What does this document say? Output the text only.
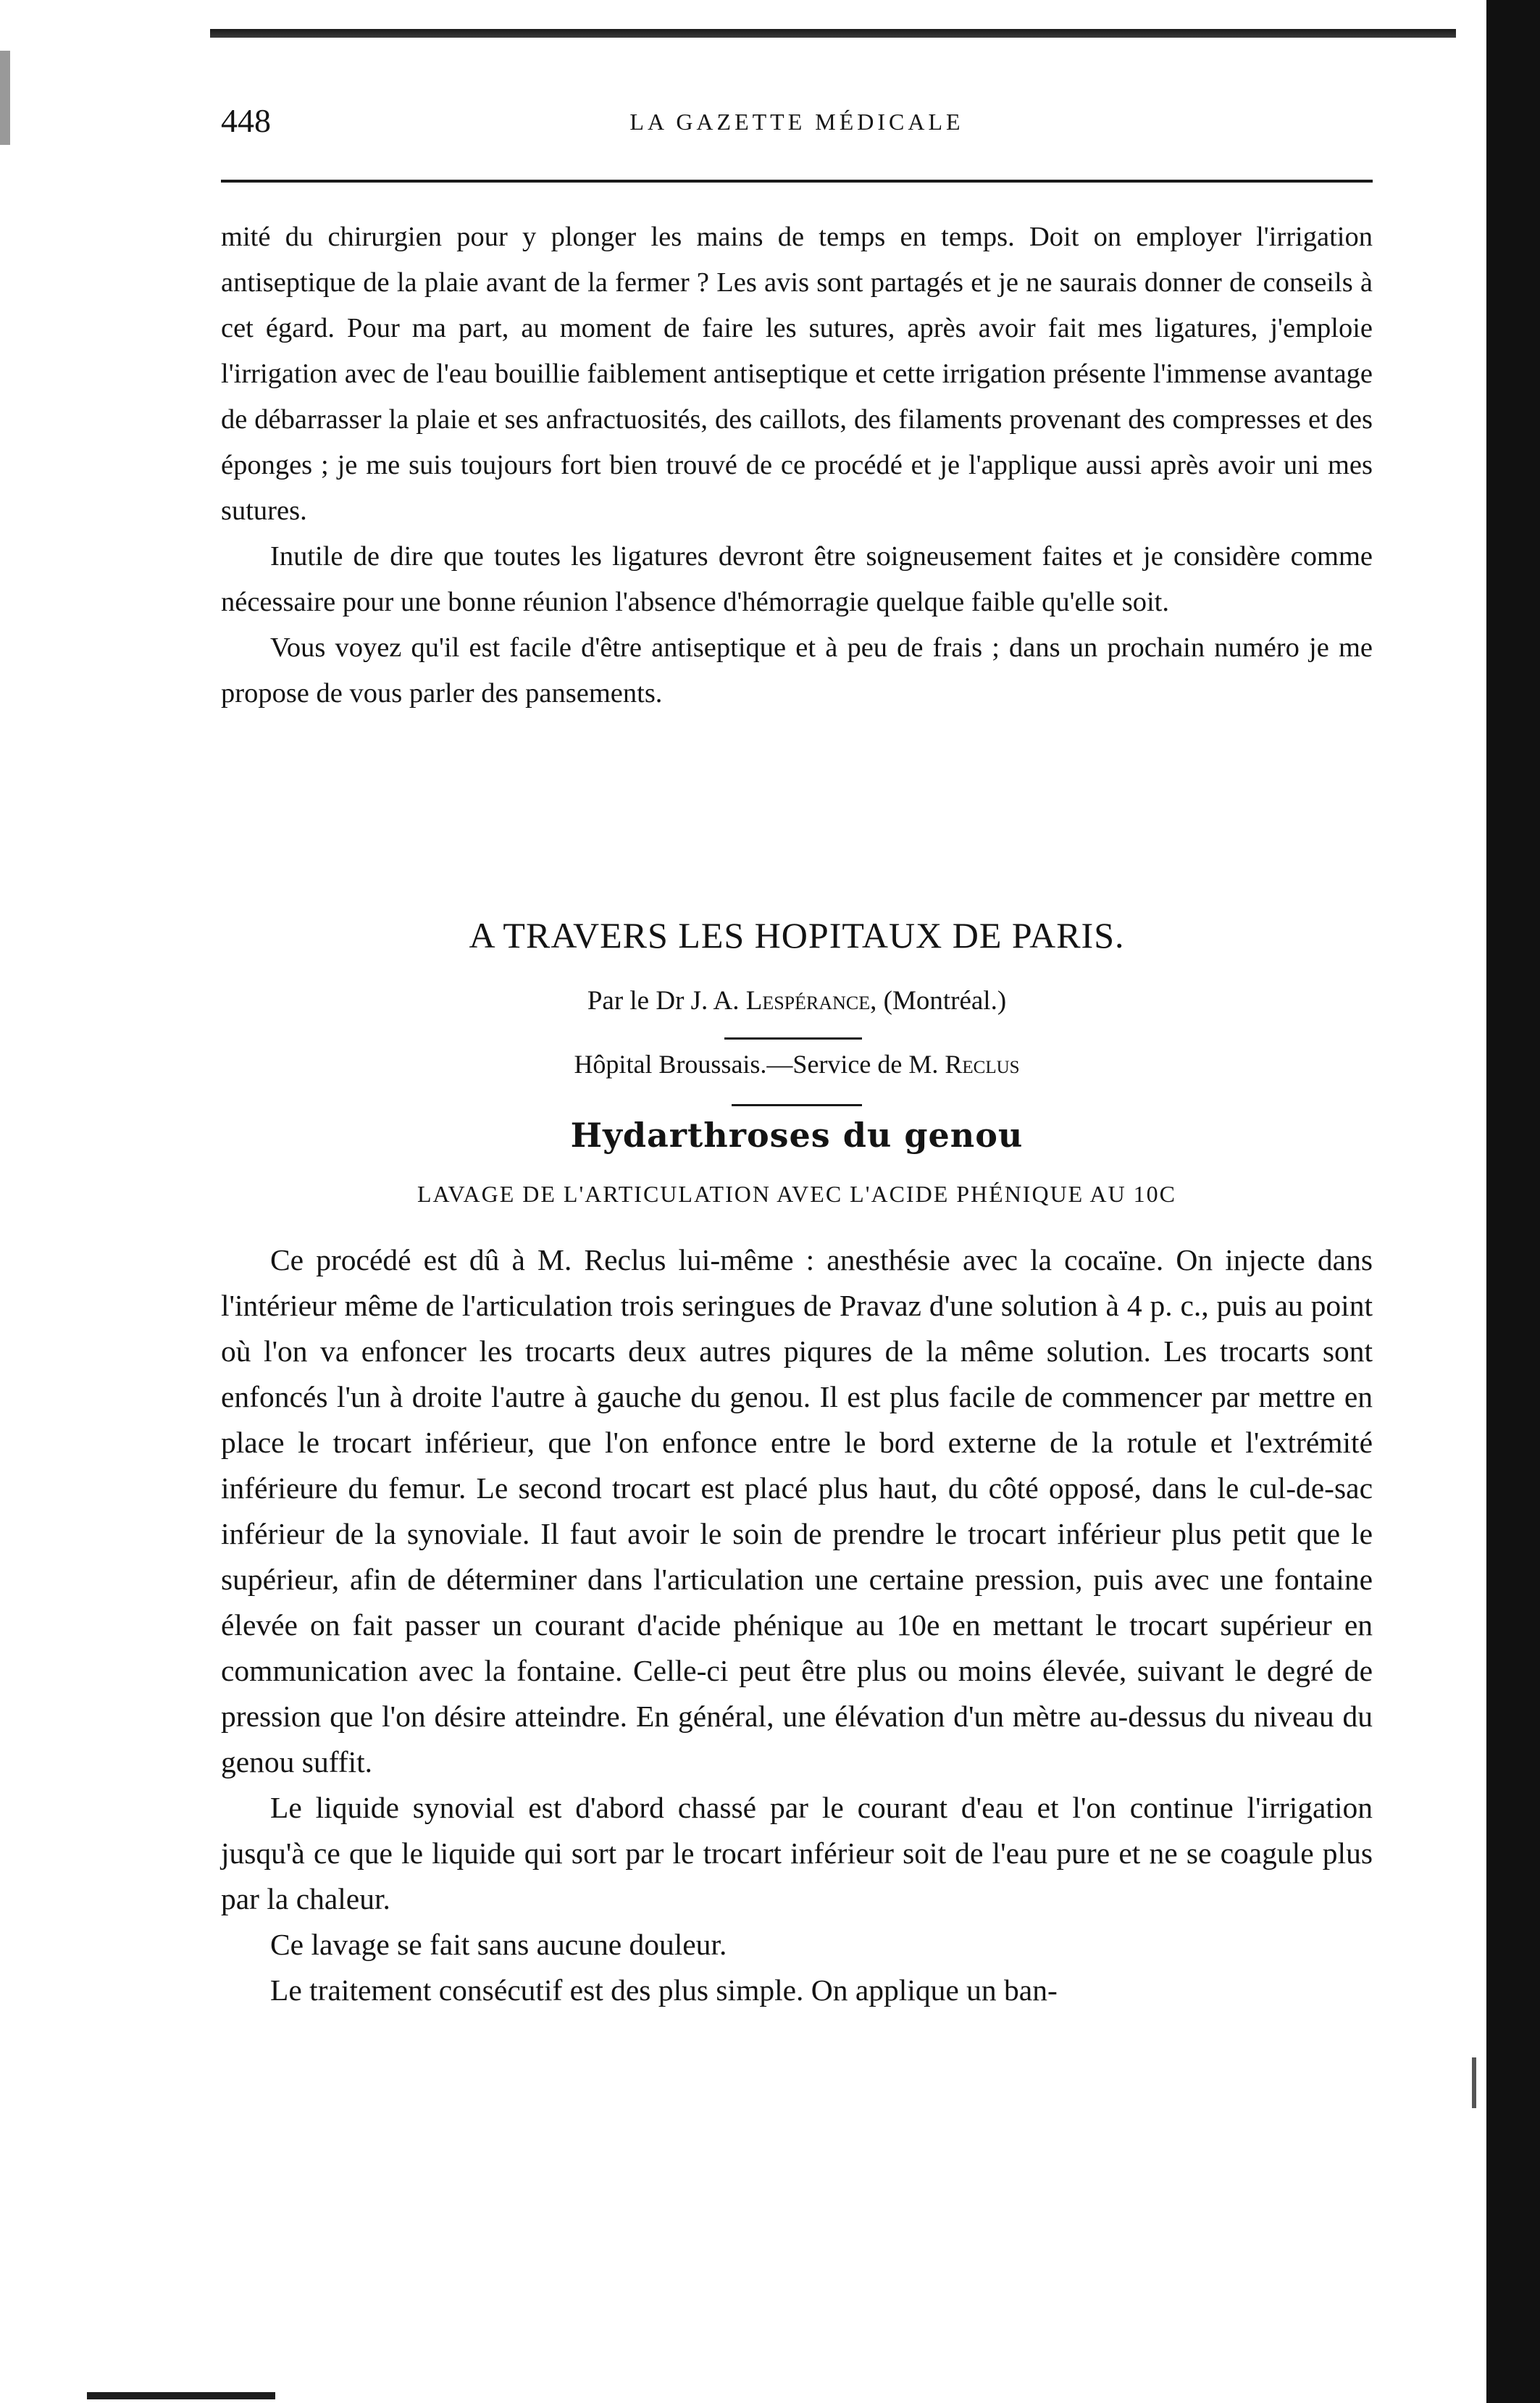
448	LA GAZETTE MÉDICALE

mité du chirurgien pour y plonger les mains de temps en temps. Doit on employer l'irrigation antiseptique de la plaie avant de la fermer ? Les avis sont partagés et je ne saurais donner de conseils à cet égard. Pour ma part, au moment de faire les sutures, après avoir fait mes ligatures, j'emploie l'irrigation avec de l'eau bouillie faiblement antiseptique et cette irrigation présente l'immense avantage de débarrasser la plaie et ses anfractuosités, des caillots, des filaments provenant des compresses et des éponges ; je me suis toujours fort bien trouvé de ce procédé et je l'applique aussi après avoir uni mes sutures.

Inutile de dire que toutes les ligatures devront être soigneusement faites et je considère comme nécessaire pour une bonne réunion l'absence d'hémorragie quelque faible qu'elle soit.

Vous voyez qu'il est facile d'être antiseptique et à peu de frais ; dans un prochain numéro je me propose de vous parler des pansements.

A TRAVERS LES HOPITAUX DE PARIS.
Par le Dr J. A. Lespérance, (Montréal.)
Hôpital Broussais.—Service de M. Reclus
Hydarthroses du genou
LAVAGE DE L'ARTICULATION AVEC L'ACIDE PHÉNIQUE AU 10C

Ce procédé est dû à M. Reclus lui-même : anesthésie avec la cocaïne. On injecte dans l'intérieur même de l'articulation trois seringues de Pravaz d'une solution à 4 p. c., puis au point où l'on va enfoncer les trocarts deux autres piqures de la même solution. Les trocarts sont enfoncés l'un à droite l'autre à gauche du genou. Il est plus facile de commencer par mettre en place le trocart inférieur, que l'on enfonce entre le bord externe de la rotule et l'extrémité inférieure du femur. Le second trocart est placé plus haut, du côté opposé, dans le cul-de-sac inférieur de la synoviale. Il faut avoir le soin de prendre le trocart inférieur plus petit que le supérieur, afin de déterminer dans l'articulation une certaine pression, puis avec une fontaine élevée on fait passer un courant d'acide phénique au 10e en mettant le trocart supérieur en communication avec la fontaine. Celle-ci peut être plus ou moins élevée, suivant le degré de pression que l'on désire atteindre. En général, une élévation d'un mètre au-dessus du niveau du genou suffit.

Le liquide synovial est d'abord chassé par le courant d'eau et l'on continue l'irrigation jusqu'à ce que le liquide qui sort par le trocart inférieur soit de l'eau pure et ne se coagule plus par la chaleur.

Ce lavage se fait sans aucune douleur.

Le traitement consécutif est des plus simple. On applique un ban-
